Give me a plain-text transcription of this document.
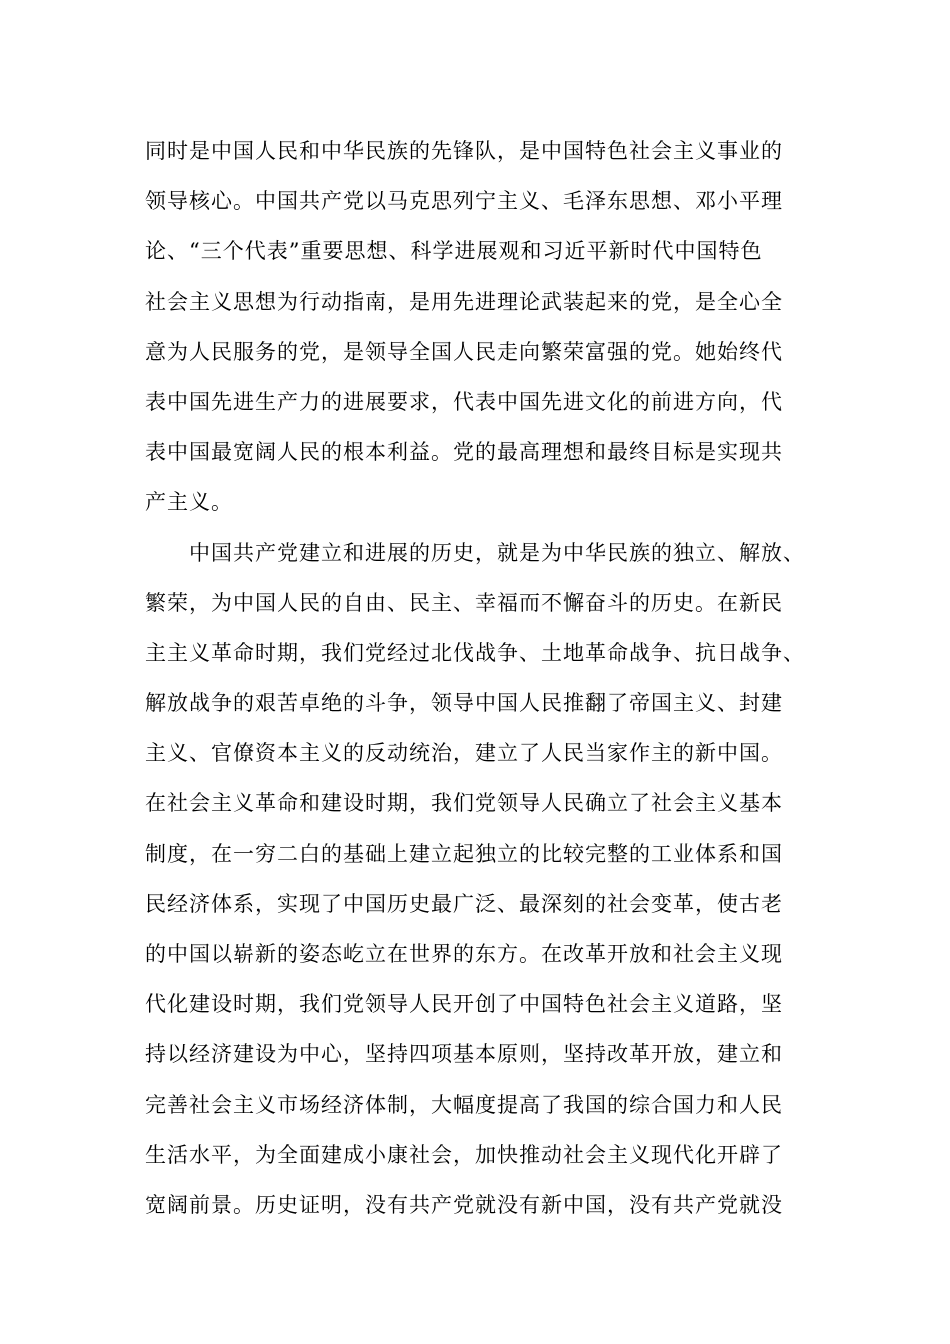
同时是中国人民和中华民族的先锋队，是中国特色社会主义事业的
领导核心。中国共产党以马克思列宁主义、毛泽东思想、邓小平理
论、“三个代表”重要思想、科学进展观和习近平新时代中国特色
社会主义思想为行动指南，是用先进理论武装起来的党，是全心全
意为人民服务的党，是领导全国人民走向繁荣富强的党。她始终代
表中国先进生产力的进展要求，代表中国先进文化的前进方向，代
表中国最宽阔人民的根本利益。党的最高理想和最终目标是实现共
产主义。
　　中国共产党建立和进展的历史，就是为中华民族的独立、解放、
繁荣，为中国人民的自由、民主、幸福而不懈奋斗的历史。在新民
主主义革命时期，我们党经过北伐战争、土地革命战争、抗日战争、
解放战争的艰苦卓绝的斗争，领导中国人民推翻了帝国主义、封建
主义、官僚资本主义的反动统治，建立了人民当家作主的新中国。
在社会主义革命和建设时期，我们党领导人民确立了社会主义基本
制度，在一穷二白的基础上建立起独立的比较完整的工业体系和国
民经济体系，实现了中国历史最广泛、最深刻的社会变革，使古老
的中国以崭新的姿态屹立在世界的东方。在改革开放和社会主义现
代化建设时期，我们党领导人民开创了中国特色社会主义道路，坚
持以经济建设为中心，坚持四项基本原则，坚持改革开放，建立和
完善社会主义市场经济体制，大幅度提高了我国的综合国力和人民
生活水平，为全面建成小康社会，加快推动社会主义现代化开辟了
宽阔前景。历史证明，没有共产党就没有新中国，没有共产党就没
